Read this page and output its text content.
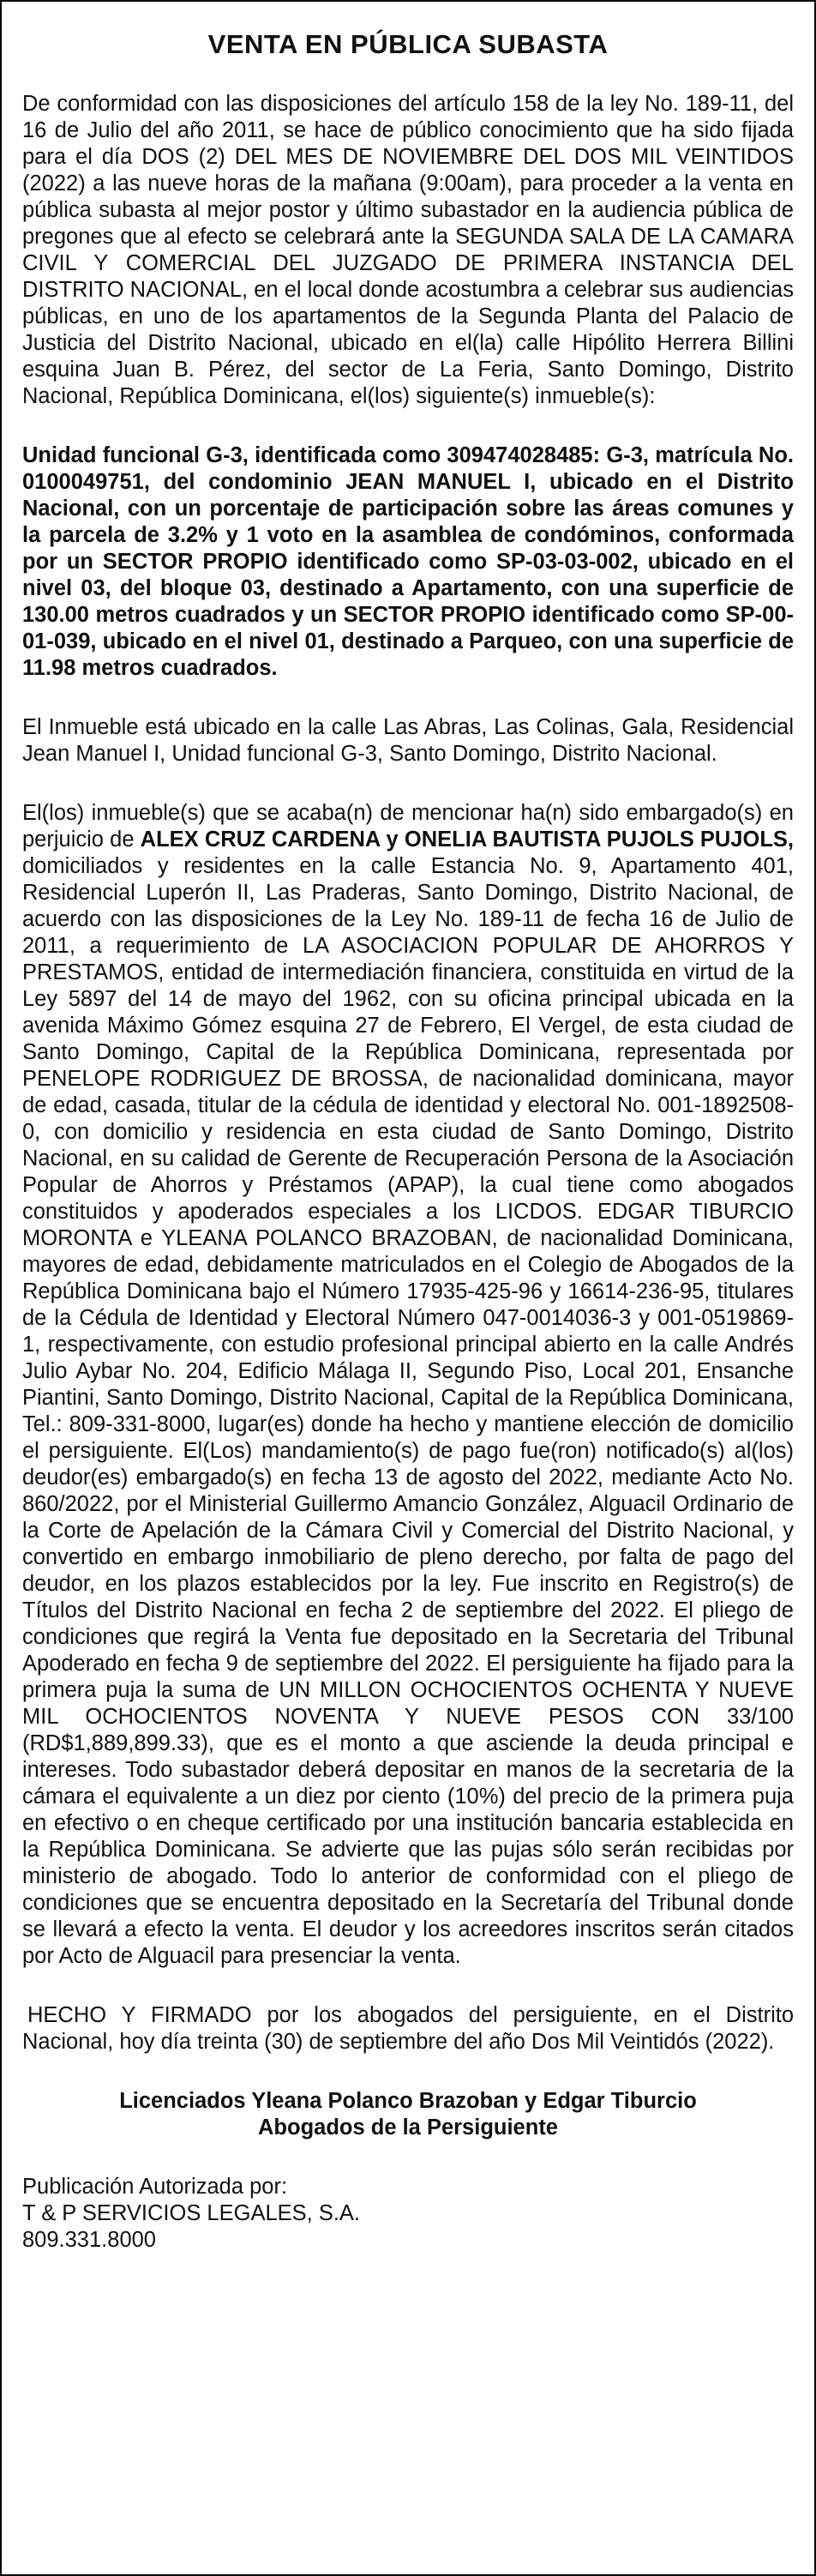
VENTA EN PÚBLICA SUBASTA

De conformidad con las disposiciones del artículo 158 de la ley No. 189-11, del 16 de Julio del año 2011, se hace de público conocimiento que ha sido fijada para el día DOS (2) DEL MES DE NOVIEMBRE DEL DOS MIL VEINTIDOS (2022) a las nueve horas de la mañana (9:00am), para proceder a la venta en pública subasta al mejor postor y último subastador en la audiencia pública de pregones que al efecto se celebrará ante la SEGUNDA SALA DE LA CAMARA CIVIL Y COMERCIAL DEL JUZGADO DE PRIMERA INSTANCIA DEL DISTRITO NACIONAL, en el local donde acostumbra a celebrar sus audiencias públicas, en uno de los apartamentos de la Segunda Planta del Palacio de Justicia del Distrito Nacional, ubicado en el(la) calle Hipólito Herrera Billini esquina Juan B. Pérez, del sector de La Feria, Santo Domingo, Distrito Nacional, República Dominicana, el(los) siguiente(s) inmueble(s):

Unidad funcional G-3, identificada como 309474028485: G-3, matrícula No. 0100049751, del condominio JEAN MANUEL I, ubicado en el Distrito Nacional, con un porcentaje de participación sobre las áreas comunes y la parcela de 3.2% y 1 voto en la asamblea de condóminos, conformada por un SECTOR PROPIO identificado como SP-03-03-002, ubicado en el nivel 03, del bloque 03, destinado a Apartamento, con una superficie de 130.00 metros cuadrados y un SECTOR PROPIO identificado como SP-00-01-039, ubicado en el nivel 01, destinado a Parqueo, con una superficie de 11.98 metros cuadrados.

El Inmueble está ubicado en la calle Las Abras, Las Colinas, Gala, Residencial Jean Manuel I, Unidad funcional G-3, Santo Domingo, Distrito Nacional.

El(los) inmueble(s) que se acaba(n) de mencionar ha(n) sido embargado(s) en perjuicio de ALEX CRUZ CARDENA y ONELIA BAUTISTA PUJOLS PUJOLS, domiciliados y residentes en la calle Estancia No. 9, Apartamento 401, Residencial Luperón II, Las Praderas, Santo Domingo, Distrito Nacional, de acuerdo con las disposiciones de la Ley No. 189-11 de fecha 16 de Julio de 2011, a requerimiento de LA ASOCIACION POPULAR DE AHORROS Y PRESTAMOS, entidad de intermediación financiera, constituida en virtud de la Ley 5897 del 14 de mayo del 1962, con su oficina principal ubicada en la avenida Máximo Gómez esquina 27 de Febrero, El Vergel, de esta ciudad de Santo Domingo, Capital de la República Dominicana, representada por PENELOPE RODRIGUEZ DE BROSSA, de nacionalidad dominicana, mayor de edad, casada, titular de la cédula de identidad y electoral No. 001-1892508-0, con domicilio y residencia en esta ciudad de Santo Domingo, Distrito Nacional, en su calidad de Gerente de Recuperación Persona de la Asociación Popular de Ahorros y Préstamos (APAP), la cual tiene como abogados constituidos y apoderados especiales a los LICDOS. EDGAR TIBURCIO MORONTA e YLEANA POLANCO BRAZOBAN, de nacionalidad Dominicana, mayores de edad, debidamente matriculados en el Colegio de Abogados de la República Dominicana bajo el Número 17935-425-96 y 16614-236-95, titulares de la Cédula de Identidad y Electoral Número 047-0014036-3 y 001-0519869-1, respectivamente, con estudio profesional principal abierto en la calle Andrés Julio Aybar No. 204, Edificio Málaga II, Segundo Piso, Local 201, Ensanche Piantini, Santo Domingo, Distrito Nacional, Capital de la República Dominicana, Tel.: 809-331-8000, lugar(es) donde ha hecho y mantiene elección de domicilio el persiguiente. El(Los) mandamiento(s) de pago fue(ron) notificado(s) al(los) deudor(es) embargado(s) en fecha 13 de agosto del 2022, mediante Acto No. 860/2022, por el Ministerial Guillermo Amancio González, Alguacil Ordinario de la Corte de Apelación de la Cámara Civil y Comercial del Distrito Nacional, y convertido en embargo inmobiliario de pleno derecho, por falta de pago del deudor, en los plazos establecidos por la ley. Fue inscrito en Registro(s) de Títulos del Distrito Nacional en fecha 2 de septiembre del 2022. El pliego de condiciones que regirá la Venta fue depositado en la Secretaria del Tribunal Apoderado en fecha 9 de septiembre del 2022. El persiguiente ha fijado para la primera puja la suma de UN MILLON OCHOCIENTOS OCHENTA Y NUEVE MIL OCHOCIENTOS NOVENTA Y NUEVE PESOS CON 33/100 (RD$1,889,899.33), que es el monto a que asciende la deuda principal e intereses. Todo subastador deberá depositar en manos de la secretaria de la cámara el equivalente a un diez por ciento (10%) del precio de la primera puja en efectivo o en cheque certificado por una institución bancaria establecida en la República Dominicana. Se advierte que las pujas sólo serán recibidas por ministerio de abogado. Todo lo anterior de conformidad con el pliego de condiciones que se encuentra depositado en la Secretaría del Tribunal donde se llevará a efecto la venta. El deudor y los acreedores inscritos serán citados por Acto de Alguacil para presenciar la venta.

HECHO Y FIRMADO por los abogados del persiguiente, en el Distrito Nacional, hoy día treinta (30) de septiembre del año Dos Mil Veintidós (2022).

Licenciados Yleana Polanco Brazoban y Edgar Tiburcio
Abogados de la Persiguiente

Publicación Autorizada por:
T & P SERVICIOS LEGALES, S.A.
809.331.8000
